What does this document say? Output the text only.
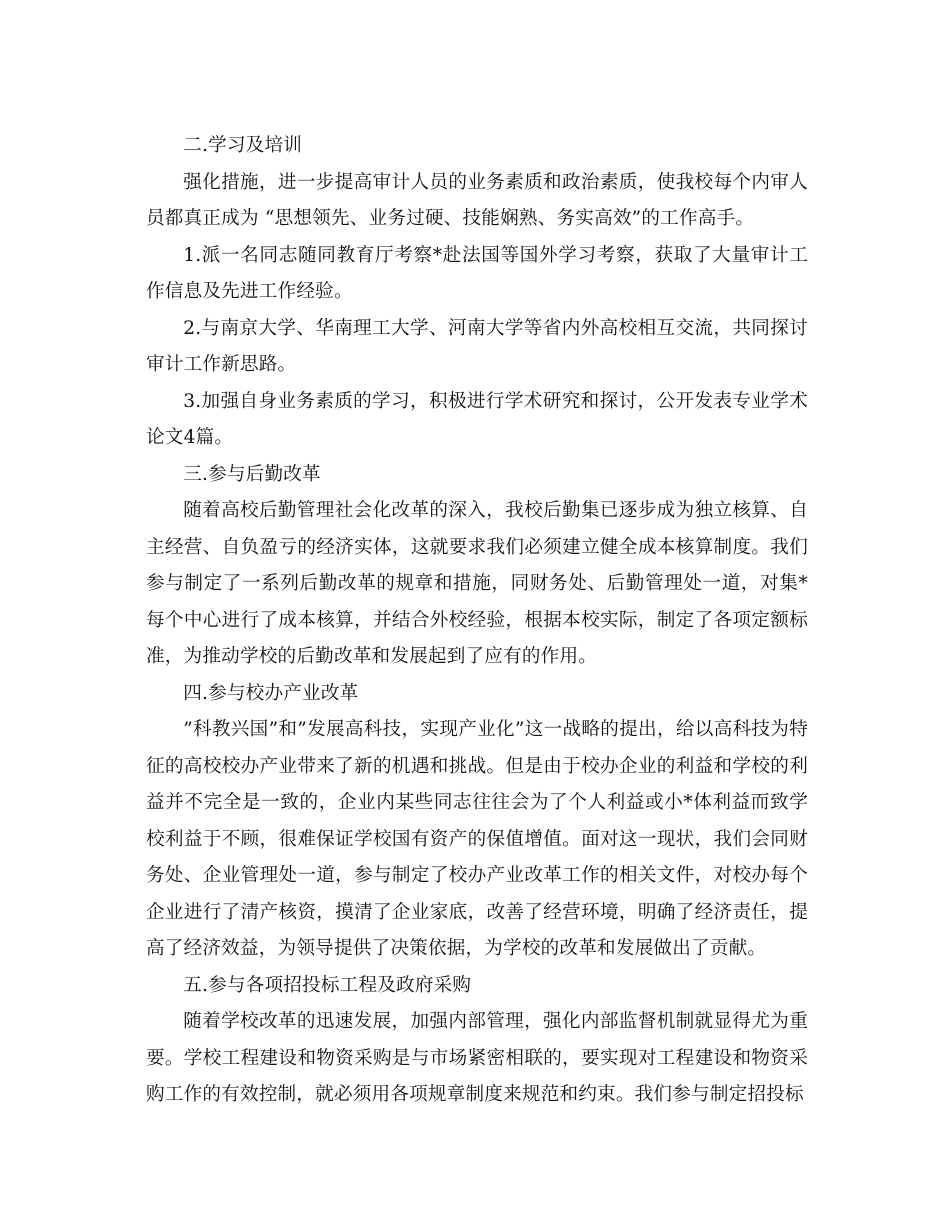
二.学习及培训

强化措施，进一步提高审计人员的业务素质和政治素质，使我校每个内审人员都真正成为 “思想领先、业务过硬、技能娴熟、务实高效”的工作高手。

1.派一名同志随同教育厅考察*赴法国等国外学习考察，获取了大量审计工作信息及先进工作经验。

2.与南京大学、华南理工大学、河南大学等省内外高校相互交流，共同探讨审计工作新思路。

3.加强自身业务素质的学习，积极进行学术研究和探讨，公开发表专业学术论文4篇。

三.参与后勤改革

随着高校后勤管理社会化改革的深入，我校后勤集已逐步成为独立核算、自主经营、自负盈亏的经济实体，这就要求我们必须建立健全成本核算制度。我们参与制定了一系列后勤改革的规章和措施，同财务处、后勤管理处一道，对集*每个中心进行了成本核算，并结合外校经验，根据本校实际，制定了各项定额标准，为推动学校的后勤改革和发展起到了应有的作用。

四.参与校办产业改革

”科教兴国”和”发展高科技，实现产业化”这一战略的提出，给以高科技为特征的高校校办产业带来了新的机遇和挑战。但是由于校办企业的利益和学校的利益并不完全是一致的，企业内某些同志往往会为了个人利益或小*体利益而致学校利益于不顾，很难保证学校国有资产的保值增值。面对这一现状，我们会同财务处、企业管理处一道，参与制定了校办产业改革工作的相关文件，对校办每个企业进行了清产核资，摸清了企业家底，改善了经营环境，明确了经济责任，提高了经济效益，为领导提供了决策依据，为学校的改革和发展做出了贡献。

五.参与各项招投标工程及政府采购

随着学校改革的迅速发展，加强内部管理，强化内部监督机制就显得尤为重要。学校工程建设和物资采购是与市场紧密相联的，要实现对工程建设和物资采购工作的有效控制，就必须用各项规章制度来规范和约束。我们参与制定招投标
